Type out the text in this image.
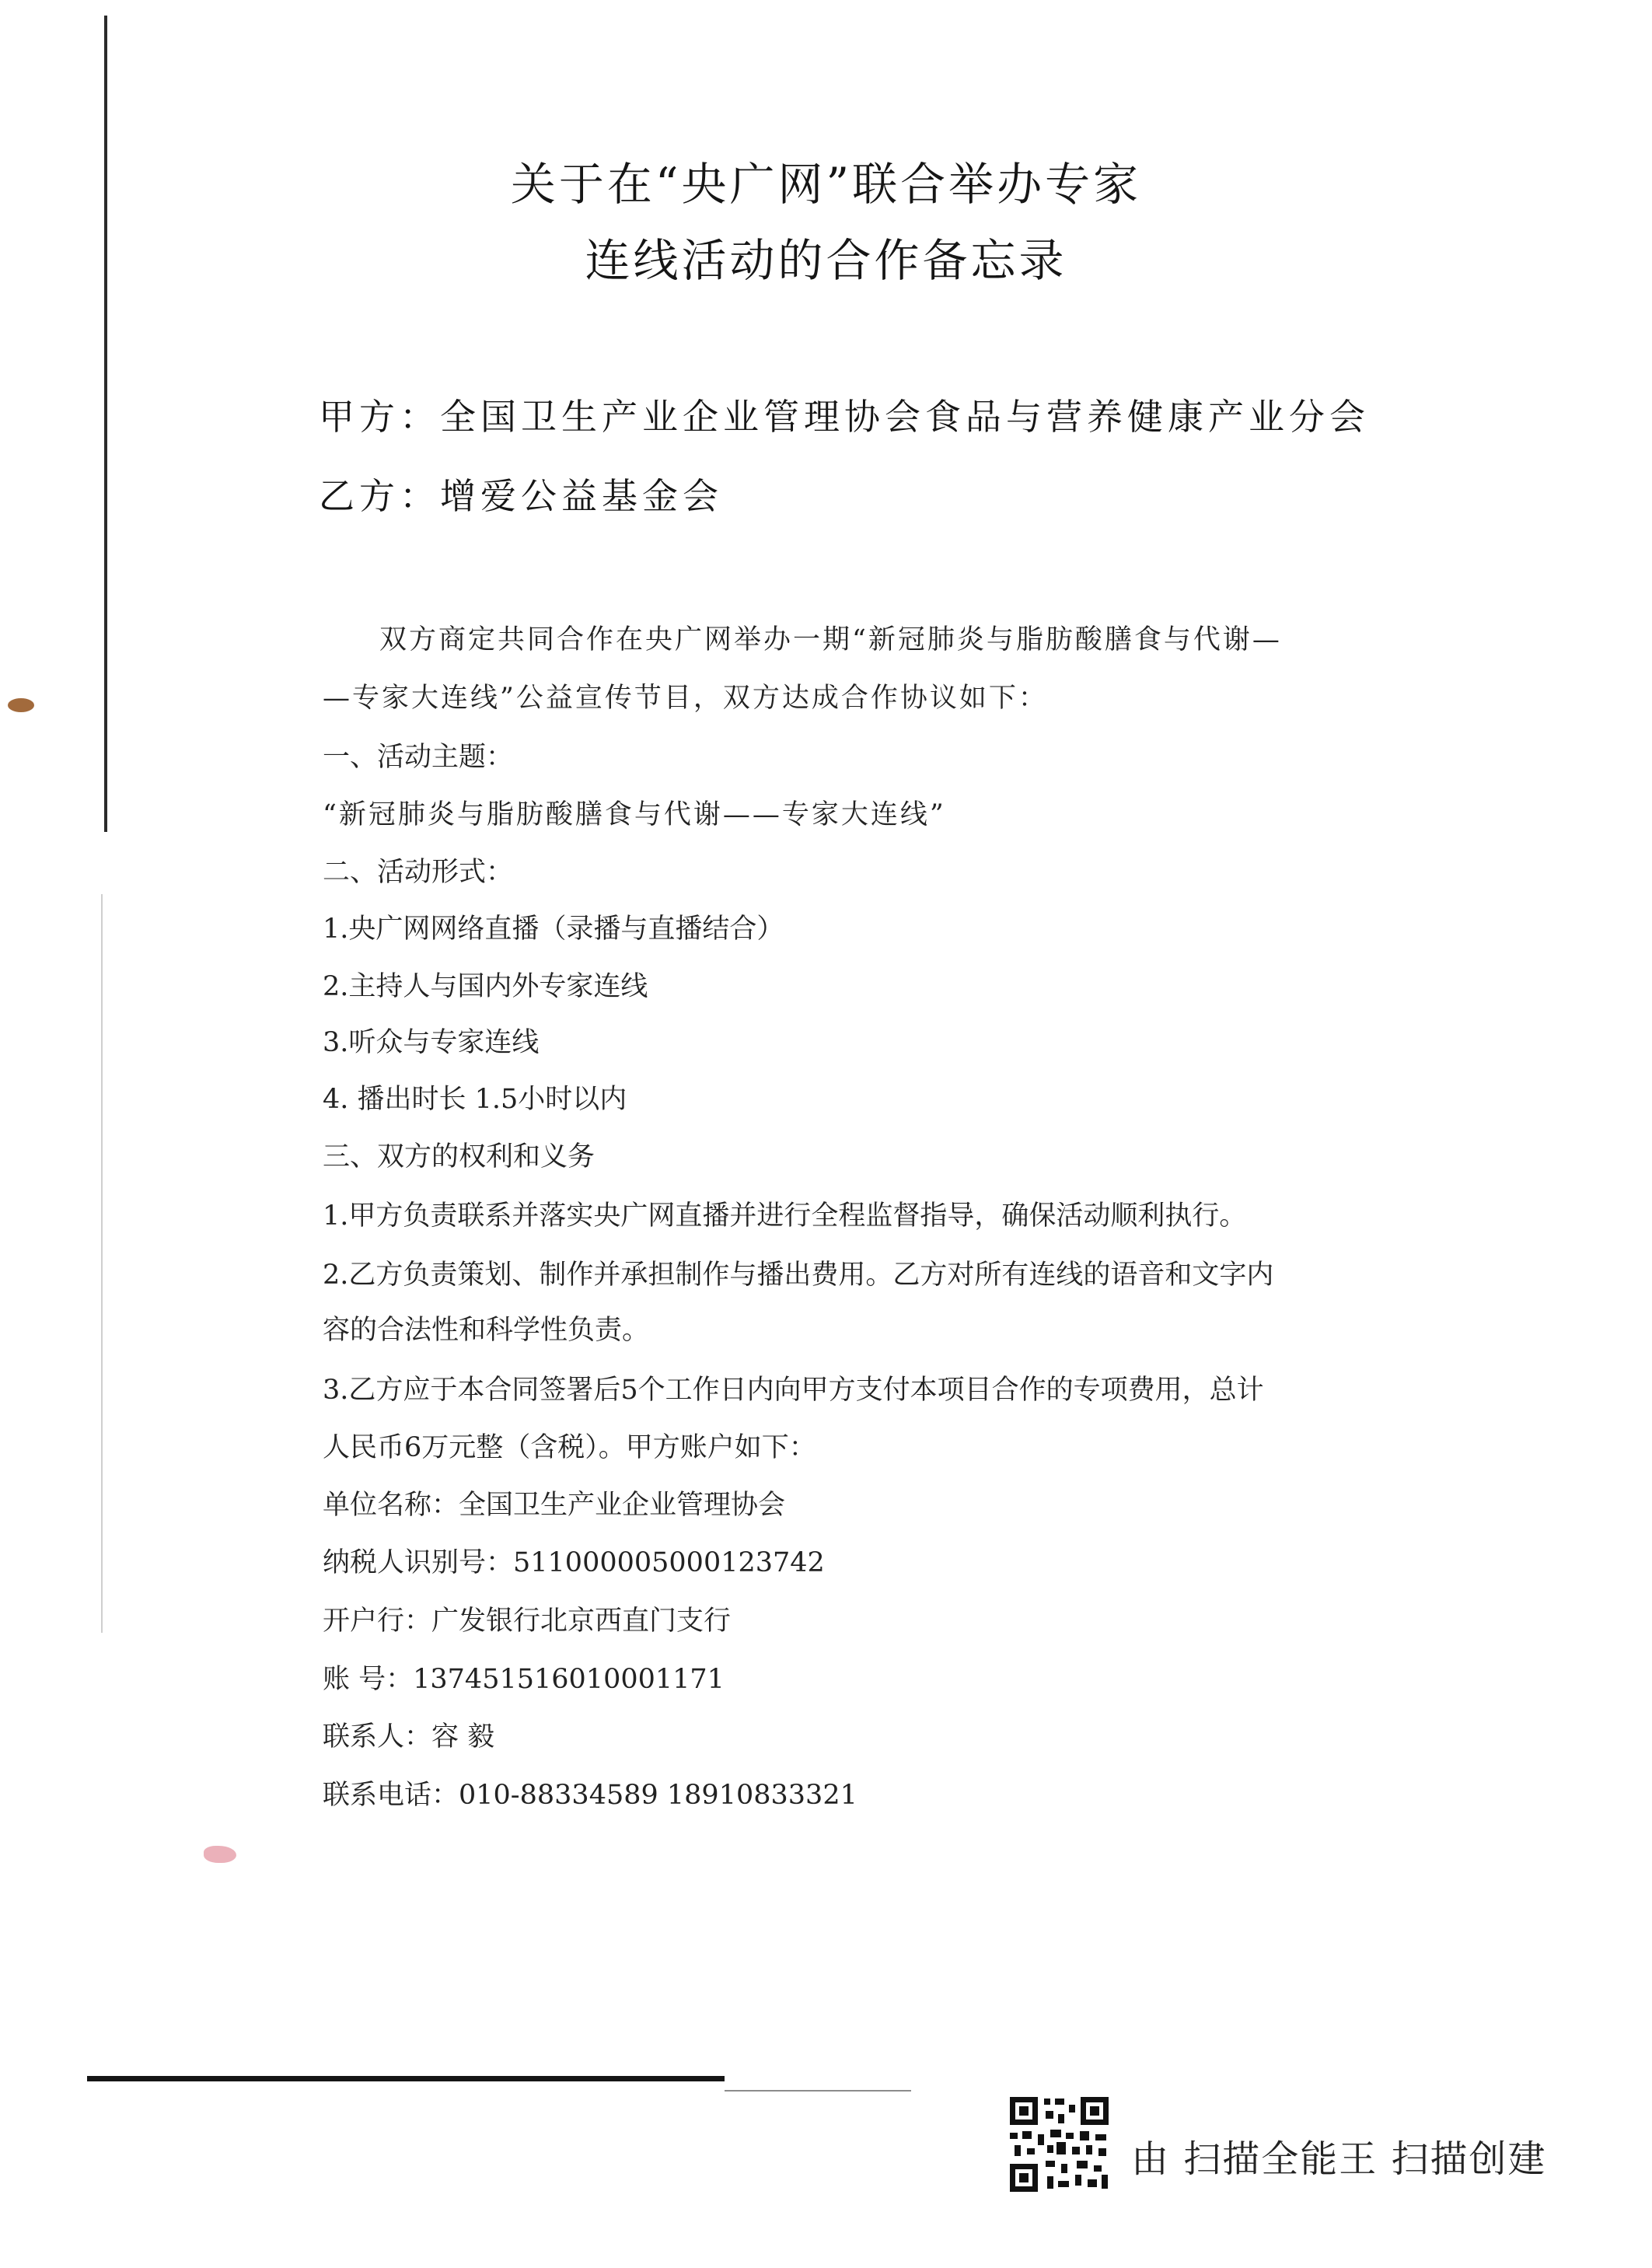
关于在“央广网”联合举办专家
连线活动的合作备忘录
甲方：全国卫生产业企业管理协会食品与营养健康产业分会
乙方：增爱公益基金会
双方商定共同合作在央广网举办一期“新冠肺炎与脂肪酸膳食与代谢—
—专家大连线”公益宣传节目，双方达成合作协议如下：
一、活动主题：
“新冠肺炎与脂肪酸膳食与代谢——专家大连线”
二、活动形式：
1.央广网网络直播（录播与直播结合）
2.主持人与国内外专家连线
3.听众与专家连线
4. 播出时长 1.5小时以内
三、双方的权利和义务
1.甲方负责联系并落实央广网直播并进行全程监督指导，确保活动顺利执行。
2.乙方负责策划、制作并承担制作与播出费用。乙方对所有连线的语音和文字内
容的合法性和科学性负责。
3.乙方应于本合同签署后5个工作日内向甲方支付本项目合作的专项费用，总计
人民币6万元整（含税）。甲方账户如下：
单位名称：全国卫生产业企业管理协会
纳税人识别号：51100000500012374​2
开户行：广发银行北京西直门支行
账 号：137451516010001171
联系人：容 毅
联系电话：010-88334589 18910833321
由 扫描全能王 扫描创建
